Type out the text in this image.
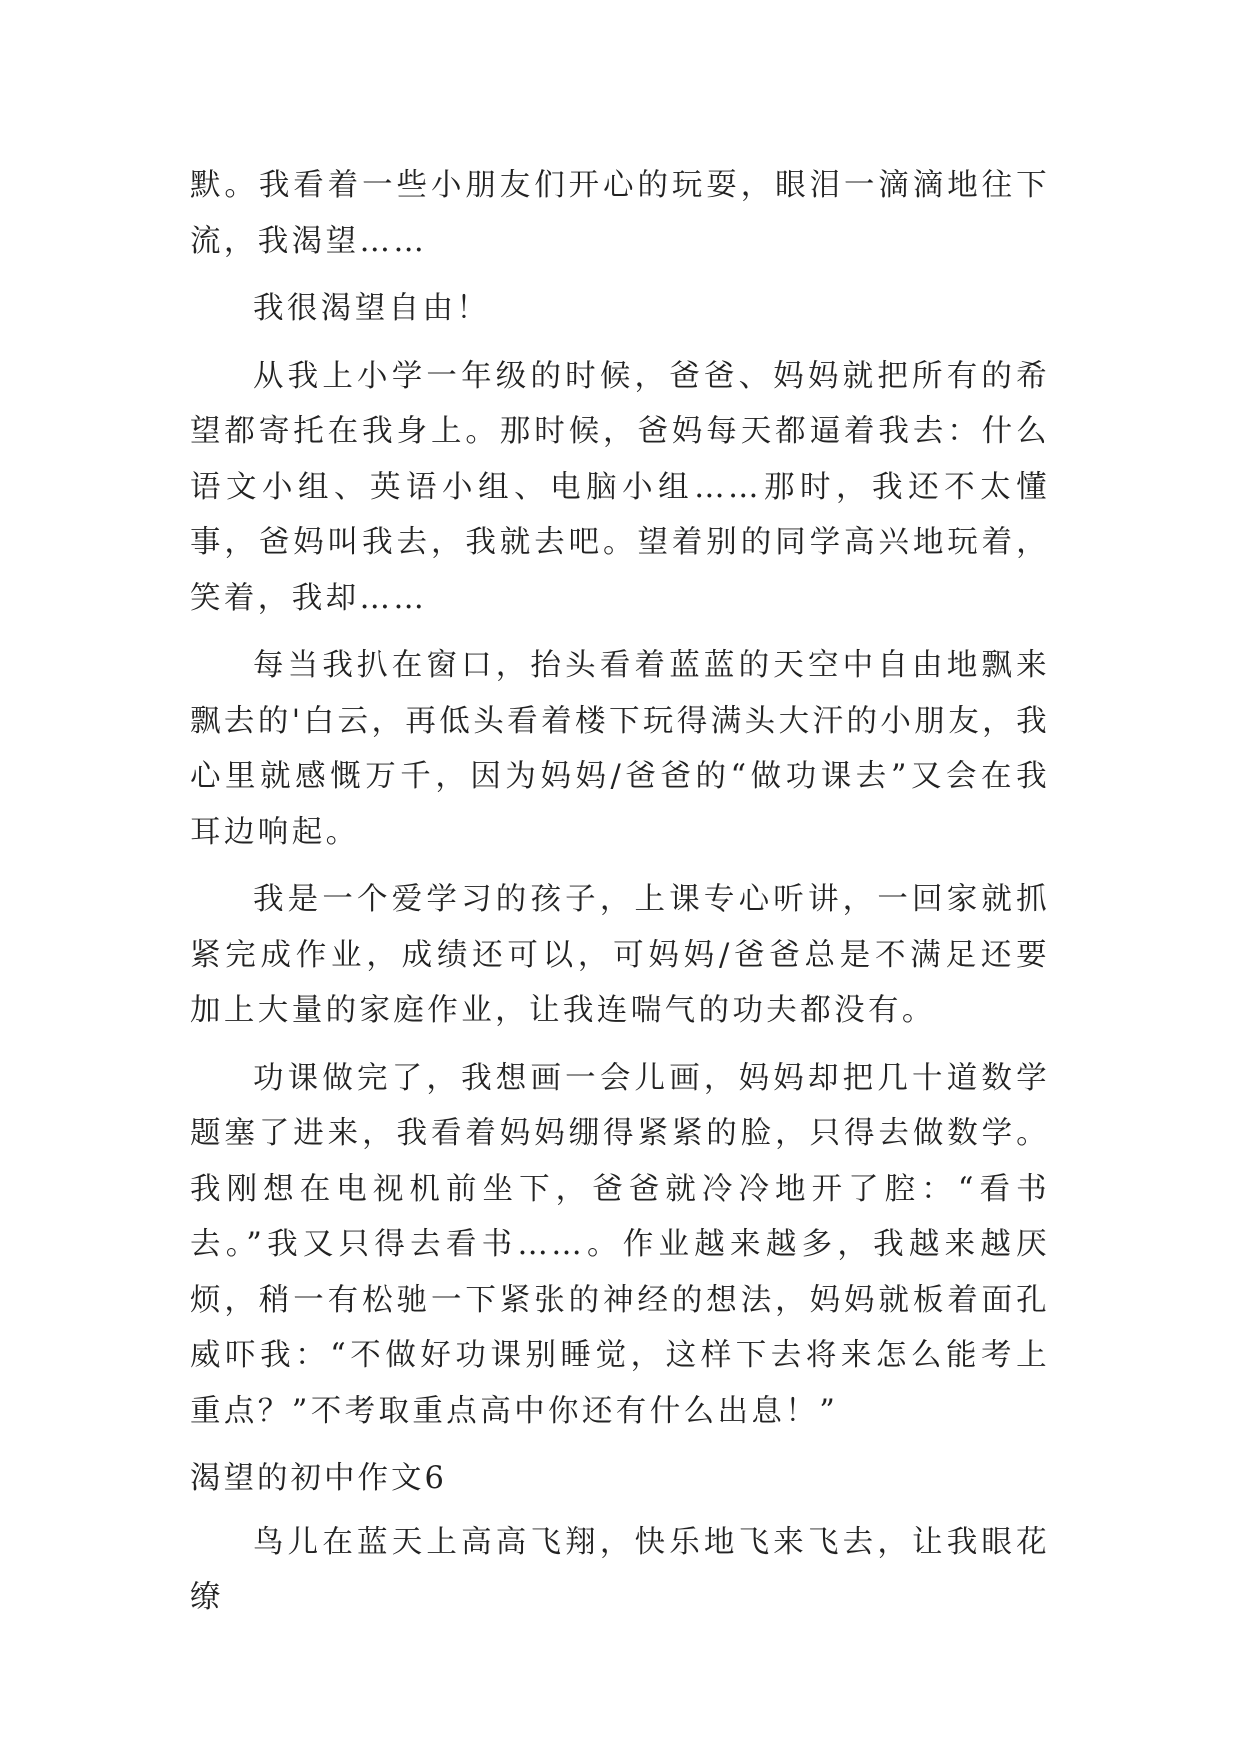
默。我看着一些小朋友们开心的玩耍，眼泪一滴滴地往下流，我渴望……

我很渴望自由！

从我上小学一年级的时候，爸爸、妈妈就把所有的希望都寄托在我身上。那时候，爸妈每天都逼着我去：什么语文小组、英语小组、电脑小组……那时，我还不太懂事，爸妈叫我去，我就去吧。望着别的同学高兴地玩着，笑着，我却……

每当我扒在窗口，抬头看着蓝蓝的天空中自由地飘来飘去的'白云，再低头看着楼下玩得满头大汗的小朋友，我心里就感慨万千，因为妈妈/爸爸的“做功课去”又会在我耳边响起。

我是一个爱学习的孩子，上课专心听讲，一回家就抓紧完成作业，成绩还可以，可妈妈/爸爸总是不满足还要加上大量的家庭作业，让我连喘气的功夫都没有。

功课做完了，我想画一会儿画，妈妈却把几十道数学题塞了进来，我看着妈妈绷得紧紧的脸，只得去做数学。我刚想在电视机前坐下，爸爸就冷冷地开了腔：“看书去。”我又只得去看书……。作业越来越多，我越来越厌烦，稍一有松驰一下紧张的神经的想法，妈妈就板着面孔威吓我：“不做好功课别睡觉，这样下去将来怎么能考上重点？”不考取重点高中你还有什么出息！”

渴望的初中作文6

鸟儿在蓝天上高高飞翔，快乐地飞来飞去，让我眼花缭
